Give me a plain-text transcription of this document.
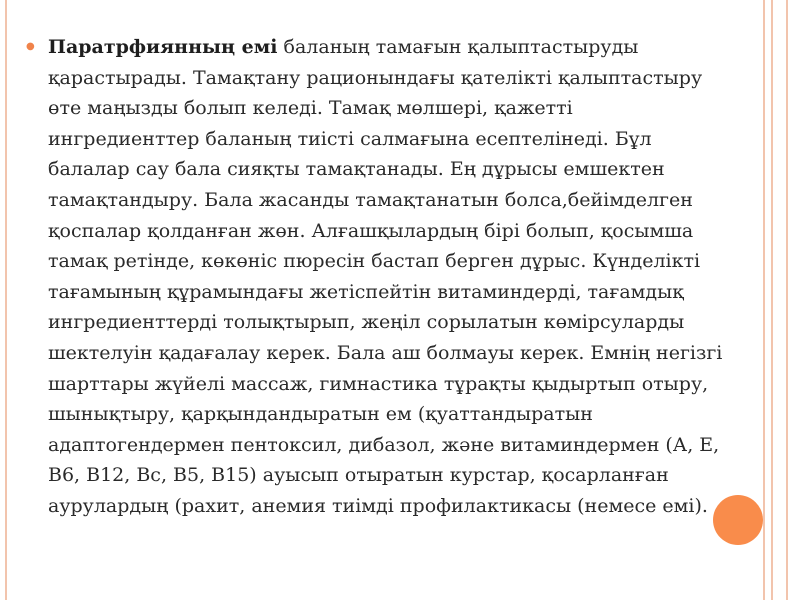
● Паратрфиянның емі баланың тамағын қалыптастыруды қарастырады. Тамақтану рационындағы қателікті қалыптастыру өте маңызды болып келеді. Тамақ мөлшері, қажетті ингредиенттер баланың тиісті салмағына есептелінеді. Бұл балалар сау бала сияқты тамақтанады. Ең дұрысы емшектен тамақтандыру. Бала жасанды тамақтанатын болса,бейімделген қоспалар қолданған жөн. Алғашқылардың бірі болып, қосымша тамақ ретінде, көкөніс пюресін бастап берген дұрыс. Күнделікті тағамының құрамындағы жетіспейтін витаминдерді, тағамдық ингредиенттерді толықтырып, жеңіл сорылатын көмірсуларды шектелуін қадағалау керек. Бала аш болмауы керек. Емнің негізгі шарттары жүйелі массаж, гимнастика тұрақты қыдыртып отыру, шынықтыру, қарқындандыратын ем (қуаттандыратын адаптогендермен пентоксил, дибазол, және витаминдермен (А, Е, В6, В12, Вс, В5, В15) ауысып отыратын курстар, қосарланған аурулардың (рахит, анемия тиімді профилактикасы (немесе емі).
